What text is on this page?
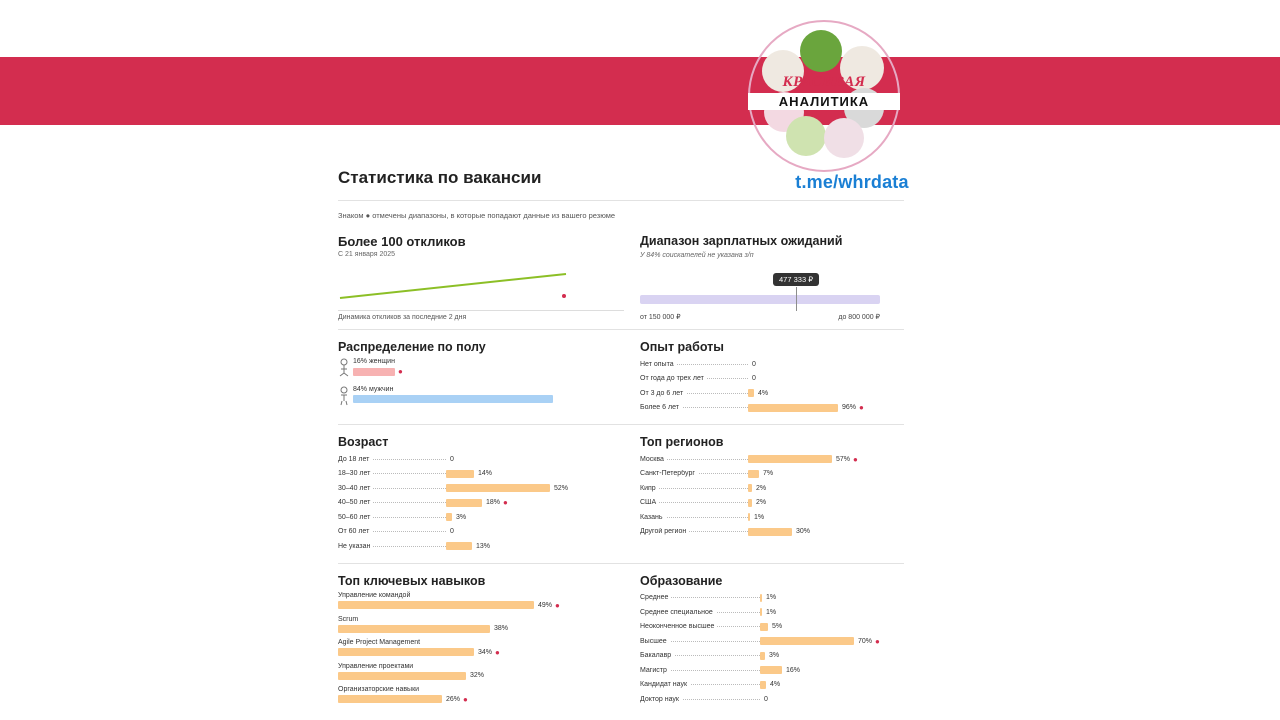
КРАСИВАЯ
АНАЛИТИКА
t.me/whrdata
Статистика по вакансии
Знаком ● отмечены диапазоны, в которые попадают данные из вашего резюме
Более 100 откликов
С 21 января 2025
Динамика откликов за последние 2 дня
Диапазон зарплатных ожиданий
У 84% соискателей не указана з/п
477 333 ₽
от 150 000 ₽	до 800 000 ₽
Распределение по полу
16% женщин
●
84% мужчин
Опыт работы
Нет опыта	0
От года до трех лет	0
От 3 до 6 лет	4%
Более 6 лет	96% ●
Возраст
До 18 лет	0
18–30 лет	14%
30–40 лет	52%
40–50 лет	18% ●
50–60 лет	3%
От 60 лет	0
Не указан	13%
Топ регионов
Москва	57% ●
Санкт-Петербург	7%
Кипр	2%
США	2%
Казань	1%
Другой регион	30%
Топ ключевых навыков
Управление командой
49% ●
Scrum
38%
Agile Project Management
34% ●
Управление проектами
32%
Организаторские навыки
26% ●
Образование
Среднее	1%
Среднее специальное	1%
Неоконченное высшее	5%
Высшее	70% ●
Бакалавр	3%
Магистр	16%
Кандидат наук	4%
Доктор наук	0
